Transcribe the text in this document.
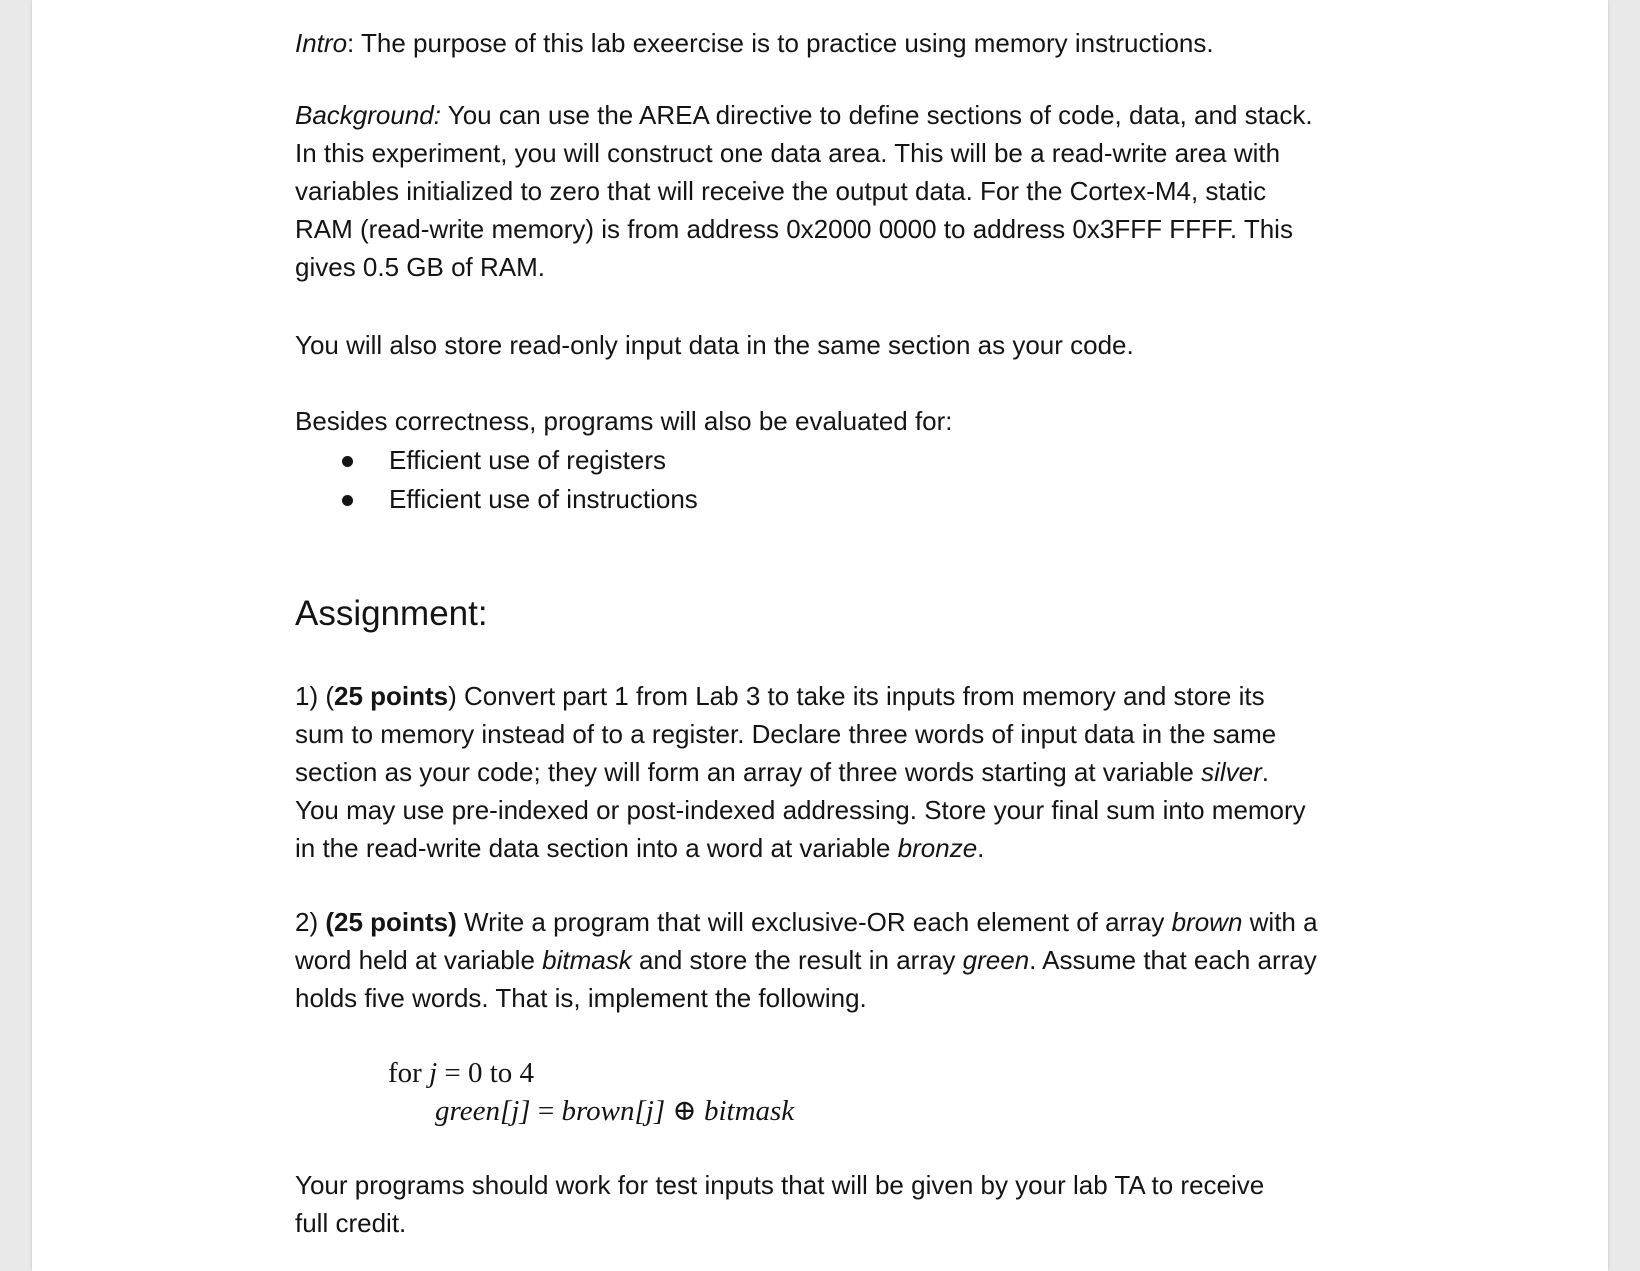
Intro: The purpose of this lab exeercise is to practice using memory instructions.

Background: You can use the AREA directive to define sections of code, data, and stack.
In this experiment, you will construct one data area. This will be a read-write area with
variables initialized to zero that will receive the output data. For the Cortex-M4, static
RAM (read-write memory) is from address 0x2000 0000 to address 0x3FFF FFFF. This
gives 0.5 GB of RAM.

You will also store read-only input data in the same section as your code.

Besides correctness, programs will also be evaluated for:

Efficient use of registers
Efficient use of instructions
Assignment:

1) (25 points) Convert part 1 from Lab 3 to take its inputs from memory and store its
sum to memory instead of to a register. Declare three words of input data in the same
section as your code; they will form an array of three words starting at variable silver.
You may use pre-indexed or post-indexed addressing. Store your final sum into memory
in the read-write data section into a word at variable bronze.

2) (25 points) Write a program that will exclusive-OR each element of array brown with a
word held at variable bitmask and store the result in array green. Assume that each array
holds five words. That is, implement the following.

for j = 0 to 4
green[j] = brown[j] ⊕ bitmask

Your programs should work for test inputs that will be given by your lab TA to receive
full credit.
